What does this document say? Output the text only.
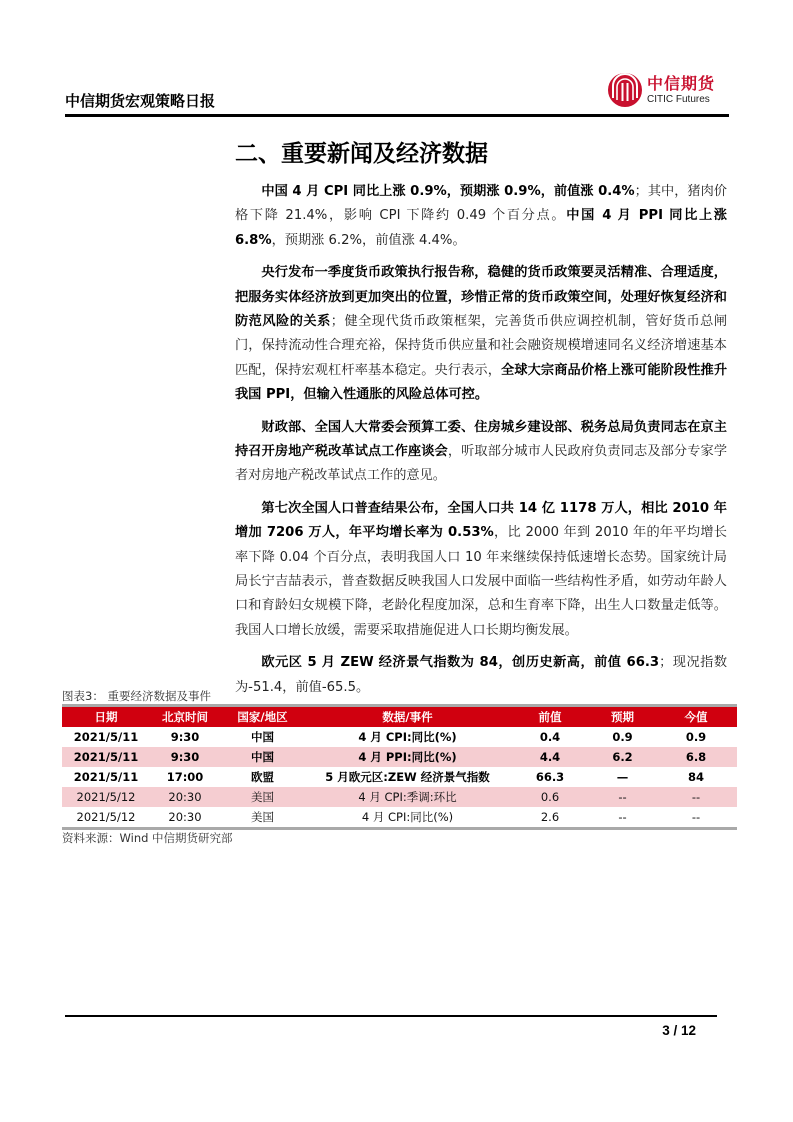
中信期货宏观策略日报
中信期货
CITIC Futures
二、重要新闻及经济数据

中国 4 月 CPI 同比上涨 0.9%，预期涨 0.9%，前值涨 0.4%；其中，猪肉价格下降 21.4%，影响 CPI 下降约 0.49 个百分点。中国 4 月 PPI 同比上涨 6.8%，预期涨 6.2%，前值涨 4.4%。

央行发布一季度货币政策执行报告称，稳健的货币政策要灵活精准、合理适度，把服务实体经济放到更加突出的位置，珍惜正常的货币政策空间，处理好恢复经济和防范风险的关系；健全现代货币政策框架，完善货币供应调控机制，管好货币总闸门，保持流动性合理充裕，保持货币供应量和社会融资规模增速同名义经济增速基本匹配，保持宏观杠杆率基本稳定。央行表示，全球大宗商品价格上涨可能阶段性推升我国 PPI，但输入性通胀的风险总体可控。

财政部、全国人大常委会预算工委、住房城乡建设部、税务总局负责同志在京主持召开房地产税改革试点工作座谈会，听取部分城市人民政府负责同志及部分专家学者对房地产税改革试点工作的意见。

第七次全国人口普查结果公布，全国人口共 14 亿 1178 万人，相比 2010 年增加 7206 万人，年平均增长率为 0.53%，比 2000 年到 2010 年的年平均增长率下降 0.04 个百分点，表明我国人口 10 年来继续保持低速增长态势。国家统计局局长宁吉喆表示，普查数据反映我国人口发展中面临一些结构性矛盾，如劳动年龄人口和育龄妇女规模下降，老龄化程度加深，总和生育率下降，出生人口数量走低等。我国人口增长放缓，需要采取措施促进人口长期均衡发展。

欧元区 5 月 ZEW 经济景气指数为 84，创历史新高，前值 66.3；现况指数为-51.4，前值-65.5。

图表3： 重要经济数据及事件
日期	北京时间	国家/地区	数据/事件	前值	预期	今值
2021/5/11	9:30	中国	4 月 CPI:同比(%)	0.4	0.9	0.9
2021/5/11	9:30	中国	4 月 PPI:同比(%)	4.4	6.2	6.8
2021/5/11	17:00	欧盟	5 月欧元区:ZEW 经济景气指数	66.3	—	84
2021/5/12	20:30	美国	4 月 CPI:季调:环比	0.6	--	--
2021/5/12	20:30	美国	4 月 CPI:同比(%)	2.6	--	--
资料来源：Wind 中信期货研究部
3 / 12
